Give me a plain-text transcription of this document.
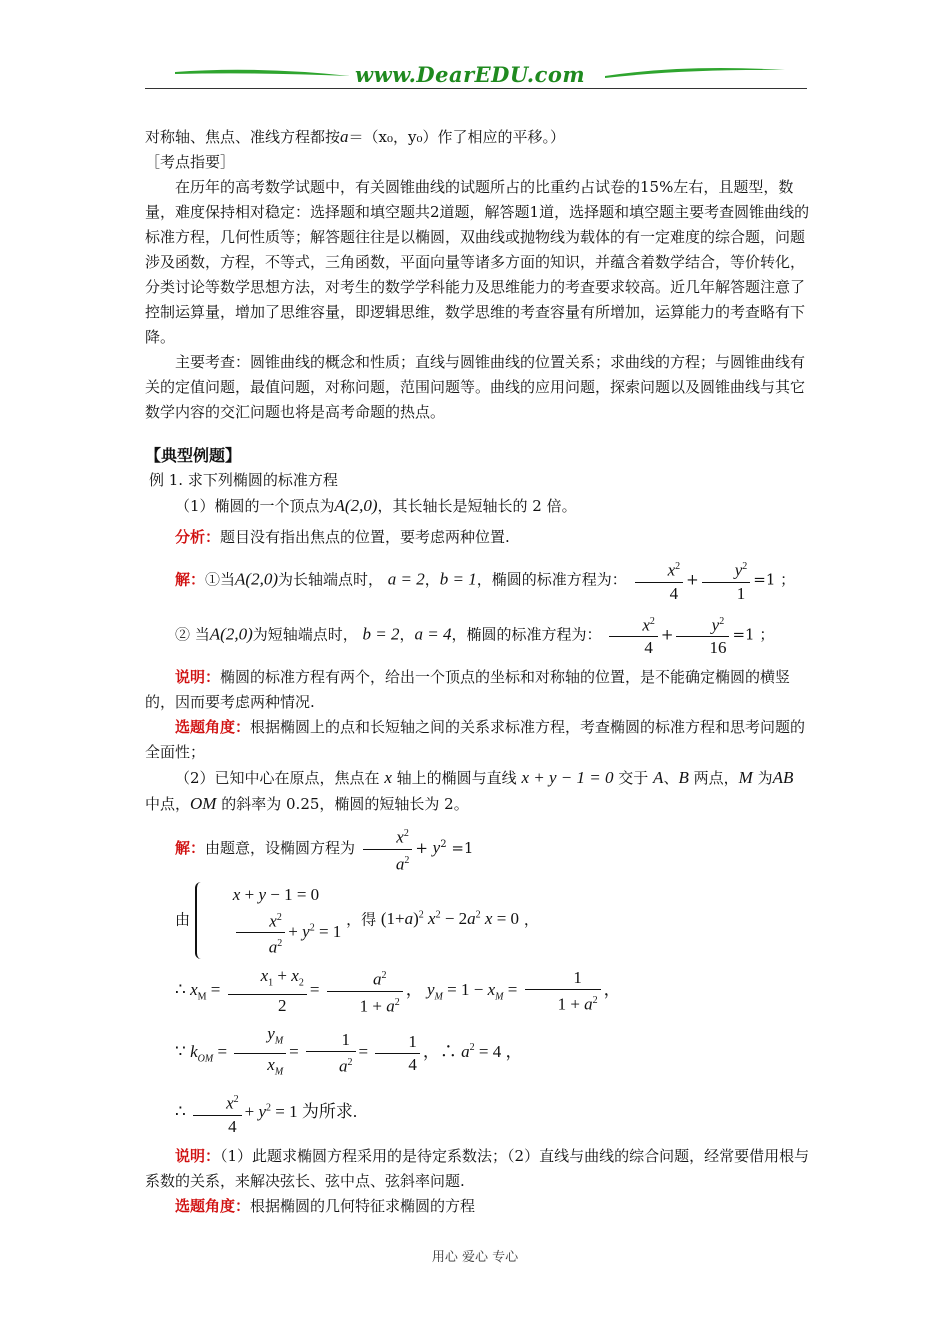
www.DearEDU.com

对称轴、焦点、准线方程都按a＝（x₀，y₀）作了相应的平移。）

［考点指要］

在历年的高考数学试题中，有关圆锥曲线的试题所占的比重约占试卷的15%左右，且题型，数量，难度保持相对稳定：选择题和填空题共2道题，解答题1道，选择题和填空题主要考查圆锥曲线的标准方程，几何性质等；解答题往往是以椭圆，双曲线或抛物线为载体的有一定难度的综合题，问题涉及函数，方程，不等式，三角函数，平面向量等诸多方面的知识，并蕴含着数学结合，等价转化，分类讨论等数学思想方法，对考生的数学学科能力及思维能力的考查要求较高。近几年解答题注意了控制运算量，增加了思维容量，即逻辑思维，数学思维的考查容量有所增加，运算能力的考查略有下降。

主要考查：圆锥曲线的概念和性质；直线与圆锥曲线的位置关系；求曲线的方程；与圆锥曲线有关的定值问题，最值问题，对称问题，范围问题等。曲线的应用问题，探索问题以及圆锥曲线与其它数学内容的交汇问题也将是高考命题的热点。

【典型例题】

例 1. 求下列椭圆的标准方程

（1）椭圆的一个顶点为A(2,0)，其长轴长是短轴长的 2 倍。

分析：题目没有指出焦点的位置，要考虑两种位置.

解：①当A(2,0)为长轴端点时， a = 2，b = 1，椭圆的标准方程为： $\frac{x^2}{4} + \frac{y^2}{1} =1$ ；

② 当A(2,0)为短轴端点时， b = 2，a = 4，椭圆的标准方程为： $\frac{x^2}{4} + \frac{y^2}{16} =1$ ；

说明：椭圆的标准方程有两个，给出一个顶点的坐标和对称轴的位置，是不能确定椭圆的横竖的，因而要考虑两种情况.

选题角度：根据椭圆上的点和长短轴之间的关系求标准方程，考查椭圆的标准方程和思考问题的全面性；

（2）已知中心在原点，焦点在 x 轴上的椭圆与直线 x + y − 1 = 0 交于 A、B 两点，M 为AB 中点，OM 的斜率为 0.25，椭圆的短轴长为 2。

解：由题意，设椭圆方程为 $\frac{x^2}{a^2} + y^2 =1$

由
x + y − 1 = 0
$\frac{x^2}{a^2} + y^2 = 1$
，得 $(1+a)^2$ $x^2 - 2a^2$ x = 0 ，

∴ $x_M = \frac{x_1 + x_2}{2} = \frac{a^2}{1 + a^2}$ ， $y_M = 1 - x_M = \frac{1}{1 + a^2}$ ，

∵ $k_{OM} = \frac{y_M}{x_M} = \frac{1}{a^2} = \frac{1}{4}$ ，∴ $a^2 = 4$ ，

∴ $\frac{x^2}{4} + y^2 = 1$ 为所求.

说明：（1）此题求椭圆方程采用的是待定系数法；（2）直线与曲线的综合问题，经常要借用根与系数的关系，来解决弦长、弦中点、弦斜率问题.

选题角度：根据椭圆的几何特征求椭圆的方程

用心 爱心 专心
